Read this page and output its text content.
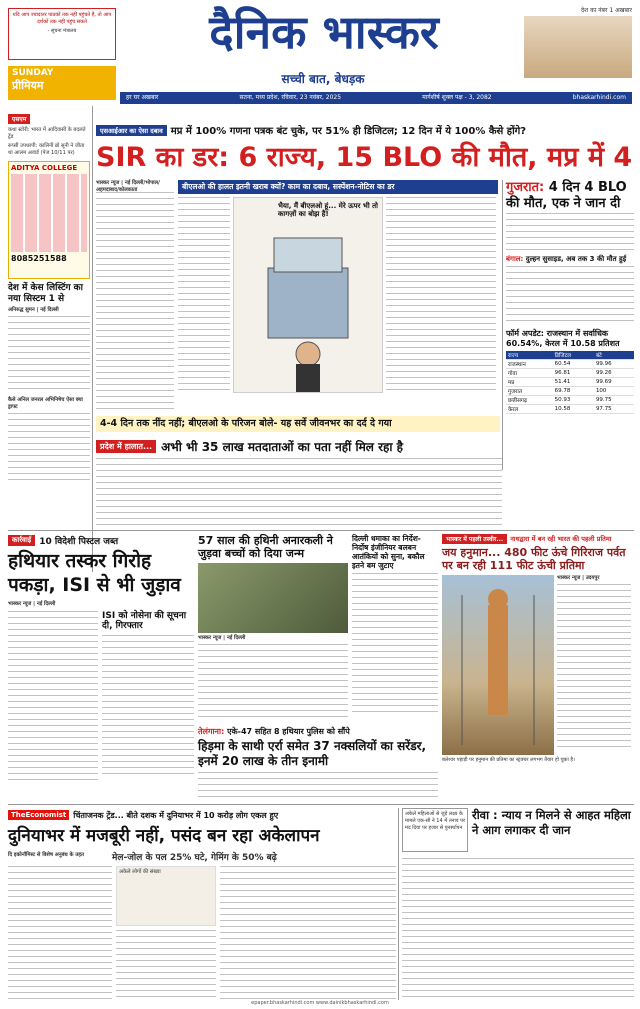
यदि आप ज्यादातर पाठकों तक नहीं पहुंचते हैं, तो आप दर्शकों तक नहीं पहुंच सकते
- सूचना मंत्रालय
SUNDAY
प्रीमियम
दैनिक भास्कर
सच्ची बात, बेधड़क
देश का नंबर 1 अखबार
हर घर अखबार	सतना, मध्य प्रदेश, रविवार, 23 नवंबर, 2025	मार्गशीर्ष शुक्ल पक्ष - 3, 2082	bhaskarhindi.com
एसएम
कथा स्टोरी: भारत में आदिवासी के बदलते ट्रेंड
रूप्सी उपधरपी: कालिनी ब्रो सूनी ने जीता था आलम अवार्ड (पेज 10/11 पर)
ADITYA COLLEGE
8085251588
देश में केस लिस्टिंग का नया सिस्टम 1 से
अनिरुद्ध सुमन | नई दिल्ली
कैसे अनिल जनरल अभिनिषेच ऐसा क्या ड्राफ्ट
एसआईआर का ऐसा दबाव मप्र में 100% गणना पत्रक बंट चुके, पर 51% ही डिजिटल; 12 दिन में ये 100% कैसे होंगे?
SIR का डर: 6 राज्य, 15 BLO की मौत, मप्र में 4
भास्कर न्यूज | नई दिल्ली/भोपाल/अहमदाबाद/कोलकाता	बीएलओ की हालत इतनी खराब क्यों? काम का दबाव, सस्पेंशन-नोटिस का डर
भैया, मैं बीएलओ हूं... मेरे ऊपर भी तो कागज़ों का बोझ है!
4-4 दिन तक नींद नहीं; बीएलओ के परिजन बोले- यह सर्वे जीवनभर का दर्द दे गया
गुजरात: 4 दिन 4 BLO की मौत, एक ने जान दी
बंगाल: दुल्हन सुसाइड, अब तक 3 की मौत हुई
फॉर्म अपडेट: राजस्थान में सर्वाधिक 60.54%, केरल में 10.58 प्रतिशत
राज्य	डिजिटल	बंटे
राजस्थान	60.54	99.96
गोवा	96.81	99.26
मप्र	51.41	99.69
गुजरात	69.78	100
छत्तीसगढ़	50.93	99.75
केरल	10.58	97.75
प्रदेश में हालात... अभी भी 35 लाख मतदाताओं का पता नहीं मिल रहा है
कार्रवाई 10 विदेशी पिस्टल जब्त
हथियार तस्कर गिरोह पकड़ा, ISI से भी जुड़ाव
भास्कर न्यूज | नई दिल्ली
ISI को नोसेना की सूचना दी, गिरफ्तार
57 साल की हथिनी अनारकली ने जुड़वा बच्चों को दिया जन्म
भास्कर न्यूज | नई दिल्ली
दिल्ली धमाका का निर्देश- निर्दोष इंजीनियर बलबन आतंकियों को सुना, बकौल इतने बम जुटाए
तेलंगाना: एके-47 सहित 8 हथियार पुलिस को सौंपे
हिड़मा के साथी एर्रा समेत 37 नक्सलियों का सरेंडर, इनमें 20 लाख के तीन इनामी
भास्कर में पहली तस्वीर...	नाथद्वारा में बन रही भारत की पहली प्रतिमा
जय हनुमान... 480 फीट ऊंचे गिरिराज पर्वत पर बन रही 111 फीट ऊंची प्रतिमा
भास्कर न्यूज | उदयपुर
बलेश्वर पहाड़ी पर हनुमान की प्रतिमा का स्ट्रक्चर लगभग तैयार हो चुका है।
TheEconomist चिंताजनक ट्रेंड... बीते दशक में दुनियाभर में 10 करोड़ लोग एकल हुए
दुनियाभर में मजबूरी नहीं, पसंद बन रहा अकेलापन
दि इकोनॉमिस्ट से विशेष अनुबंध के तहत	मेल-जोल के पल 25% घटे, गेमिंग के 50% बढ़े
अकेले लोगों की संख्या
अकेले महिलाओं से जुड़े लक्ष्य के मामले एक-सौ ने 14 में तनाव पर मद दिया पर हजार से पुनर्स्थापन
रीवा : न्याय न मिलने से आहत महिला ने आग लगाकर दी जान
epaper.bhaskarhindi.com www.dainikbhaskarhindi.com
